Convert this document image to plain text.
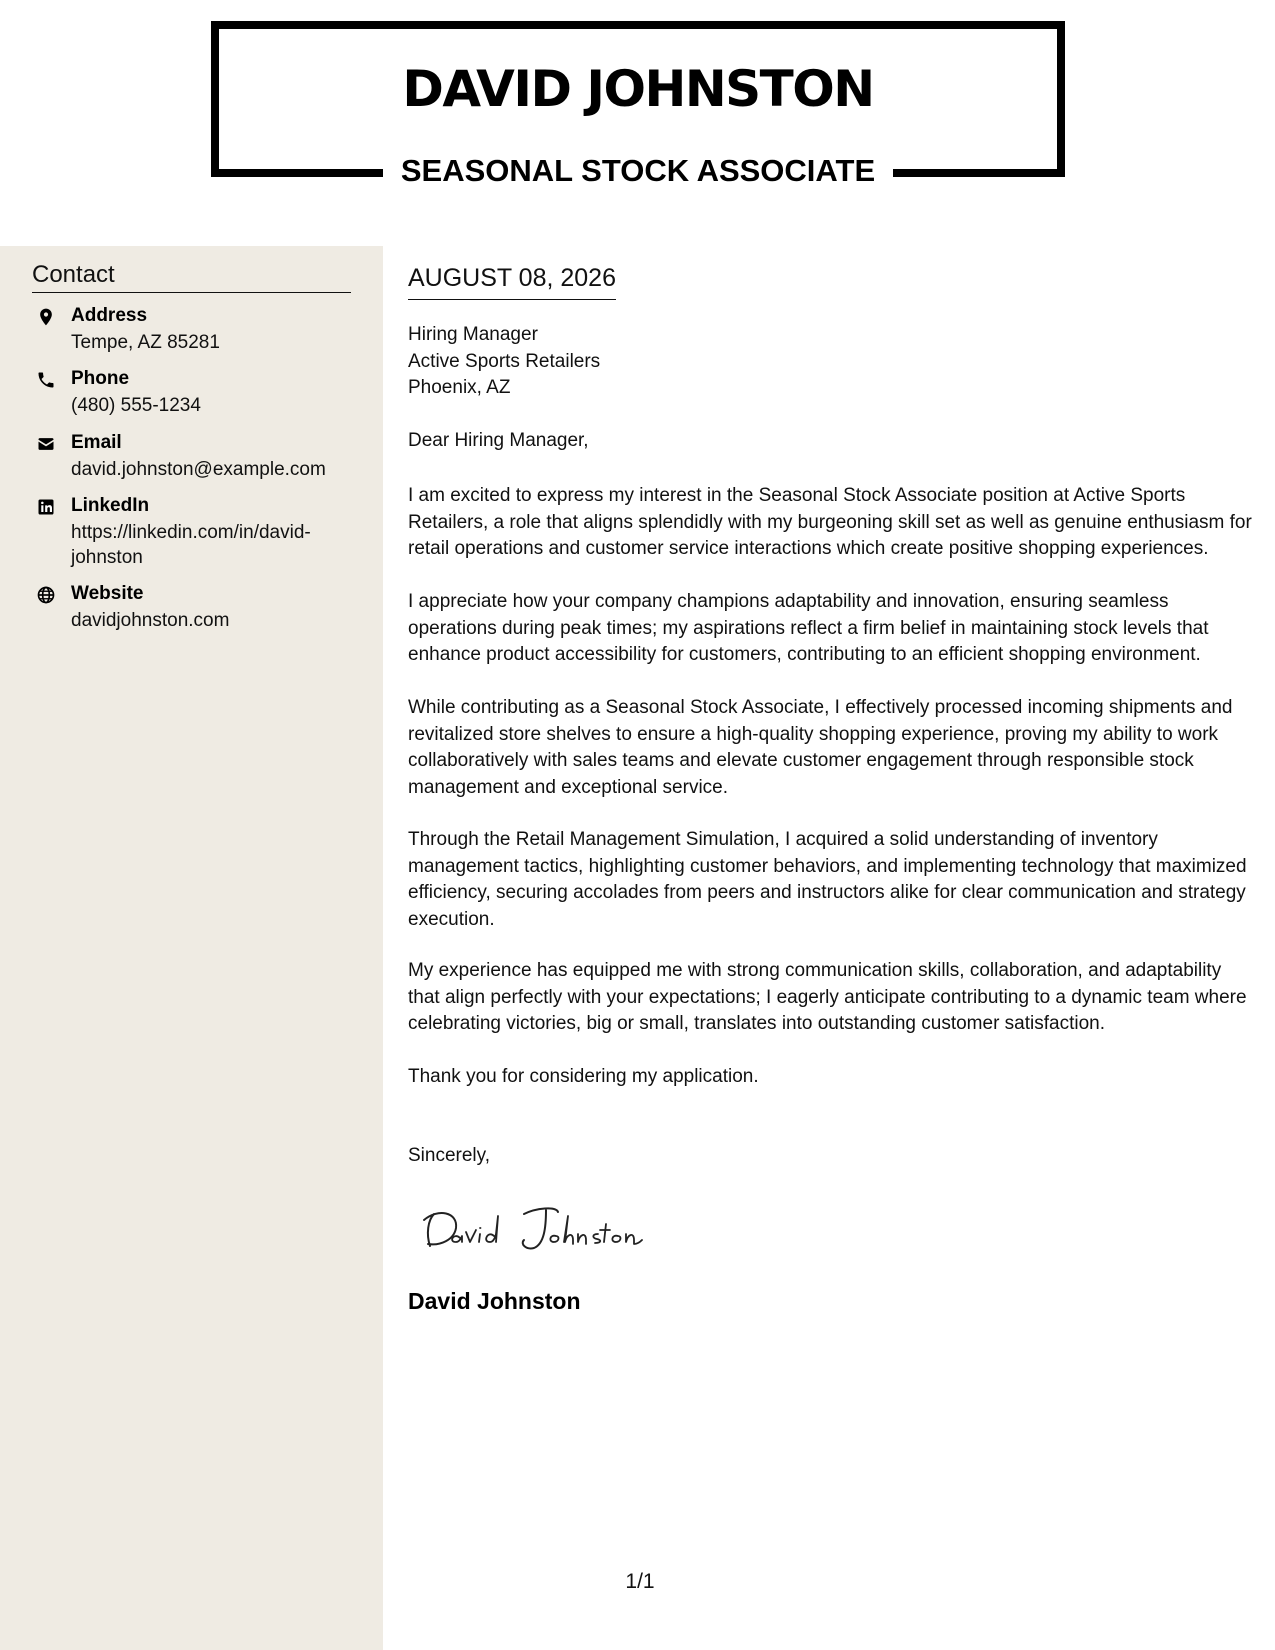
DAVID JOHNSTON
SEASONAL STOCK ASSOCIATE
Contact
Address
Tempe, AZ 85281
Phone
(480) 555-1234
Email
david.johnston@example.com
LinkedIn
https://linkedin.com/in/david-johnston
Website
davidjohnston.com
AUGUST 08, 2026
Hiring Manager
Active Sports Retailers
Phoenix, AZ
Dear Hiring Manager,

I am excited to express my interest in the Seasonal Stock Associate position at Active Sports Retailers, a role that aligns splendidly with my burgeoning skill set as well as genuine enthusiasm for retail operations and customer service interactions which create positive shopping experiences.

I appreciate how your company champions adaptability and innovation, ensuring seamless operations during peak times; my aspirations reflect a firm belief in maintaining stock levels that enhance product accessibility for customers, contributing to an efficient shopping environment.

While contributing as a Seasonal Stock Associate, I effectively processed incoming shipments and revitalized store shelves to ensure a high-quality shopping experience, proving my ability to work collaboratively with sales teams and elevate customer engagement through responsible stock management and exceptional service.

Through the Retail Management Simulation, I acquired a solid understanding of inventory management tactics, highlighting customer behaviors, and implementing technology that maximized efficiency, securing accolades from peers and instructors alike for clear communication and strategy execution.

My experience has equipped me with strong communication skills, collaboration, and adaptability that align perfectly with your expectations; I eagerly anticipate contributing to a dynamic team where celebrating victories, big or small, translates into outstanding customer satisfaction.

Thank you for considering my application.

Sincerely,
David Johnston
1/1
